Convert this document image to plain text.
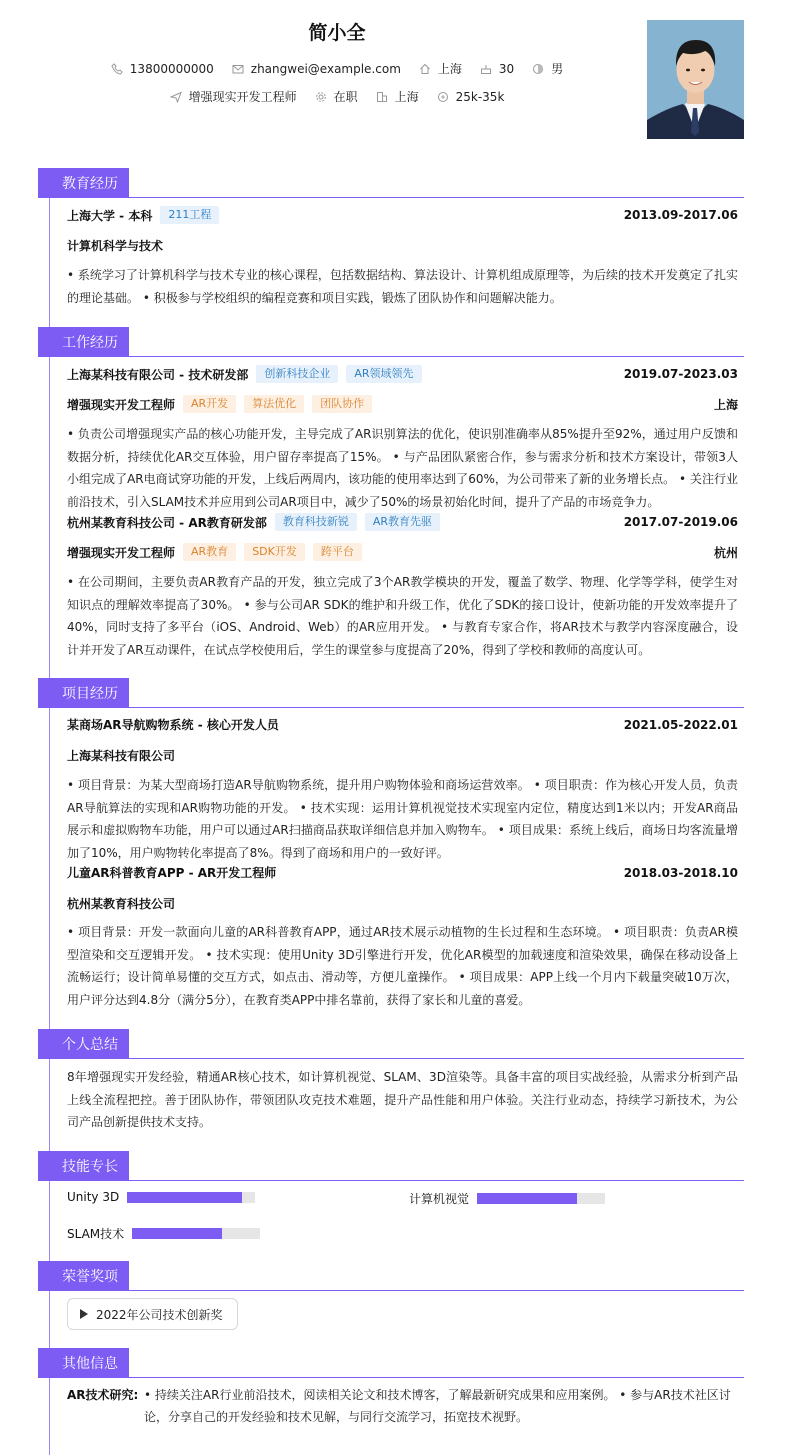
简小全
13800000000	zhangwei@example.com	上海	30	男
增强现实开发工程师	在职	上海	25k-35k
教育经历
上海大学 - 本科	211工程	2013.09-2017.06
计算机科学与技术
• 系统学习了计算机科学与技术专业的核心课程，包括数据结构、算法设计、计算机组成原理等，为后续的技术开发奠定了扎实的理论基础。 • 积极参与学校组织的编程竞赛和项目实践，锻炼了团队协作和问题解决能力。
工作经历
上海某科技有限公司 - 技术研发部	创新科技企业	AR领域领先	2019.07-2023.03
增强现实开发工程师	AR开发	算法优化	团队协作	上海
• 负责公司增强现实产品的核心功能开发，主导完成了AR识别算法的优化，使识别准确率从85%提升至92%，通过用户反馈和数据分析，持续优化AR交互体验，用户留存率提高了15%。 • 与产品团队紧密合作，参与需求分析和技术方案设计，带领3人小组完成了AR电商试穿功能的开发，上线后两周内，该功能的使用率达到了60%，为公司带来了新的业务增长点。 • 关注行业前沿技术，引入SLAM技术并应用到公司AR项目中，减少了50%的场景初始化时间，提升了产品的市场竞争力。
杭州某教育科技公司 - AR教育研发部	教育科技新锐	AR教育先驱	2017.07-2019.06
增强现实开发工程师	AR教育	SDK开发	跨平台	杭州
• 在公司期间，主要负责AR教育产品的开发，独立完成了3个AR教学模块的开发，覆盖了数学、物理、化学等学科，使学生对知识点的理解效率提高了30%。 • 参与公司AR SDK的维护和升级工作，优化了SDK的接口设计，使新功能的开发效率提升了40%，同时支持了多平台（iOS、Android、Web）的AR应用开发。 • 与教育专家合作，将AR技术与教学内容深度融合，设计并开发了AR互动课件，在试点学校使用后，学生的课堂参与度提高了20%，得到了学校和教师的高度认可。
项目经历
某商场AR导航购物系统 - 核心开发人员	2021.05-2022.01
上海某科技有限公司
• 项目背景：为某大型商场打造AR导航购物系统，提升用户购物体验和商场运营效率。 • 项目职责：作为核心开发人员，负责AR导航算法的实现和AR购物功能的开发。 • 技术实现：运用计算机视觉技术实现室内定位，精度达到1米以内；开发AR商品展示和虚拟购物车功能，用户可以通过AR扫描商品获取详细信息并加入购物车。 • 项目成果：系统上线后，商场日均客流量增加了10%，用户购物转化率提高了8%。得到了商场和用户的一致好评。
儿童AR科普教育APP - AR开发工程师	2018.03-2018.10
杭州某教育科技公司
• 项目背景：开发一款面向儿童的AR科普教育APP，通过AR技术展示动植物的生长过程和生态环境。 • 项目职责：负责AR模型渲染和交互逻辑开发。 • 技术实现：使用Unity 3D引擎进行开发，优化AR模型的加载速度和渲染效果，确保在移动设备上流畅运行；设计简单易懂的交互方式，如点击、滑动等，方便儿童操作。 • 项目成果：APP上线一个月内下载量突破10万次，用户评分达到4.8分（满分5分），在教育类APP中排名靠前，获得了家长和儿童的喜爱。
个人总结
8年增强现实开发经验，精通AR核心技术，如计算机视觉、SLAM、3D渲染等。具备丰富的项目实战经验，从需求分析到产品上线全流程把控。善于团队协作，带领团队攻克技术难题，提升产品性能和用户体验。关注行业动态，持续学习新技术，为公司产品创新提供技术支持。
技能专长
Unity 3D	计算机视觉
SLAM技术
荣誉奖项
2022年公司技术创新奖
其他信息
AR技术研究: • 持续关注AR行业前沿技术，阅读相关论文和技术博客，了解最新研究成果和应用案例。 • 参与AR技术社区讨论，分享自己的开发经验和技术见解，与同行交流学习，拓宽技术视野。
